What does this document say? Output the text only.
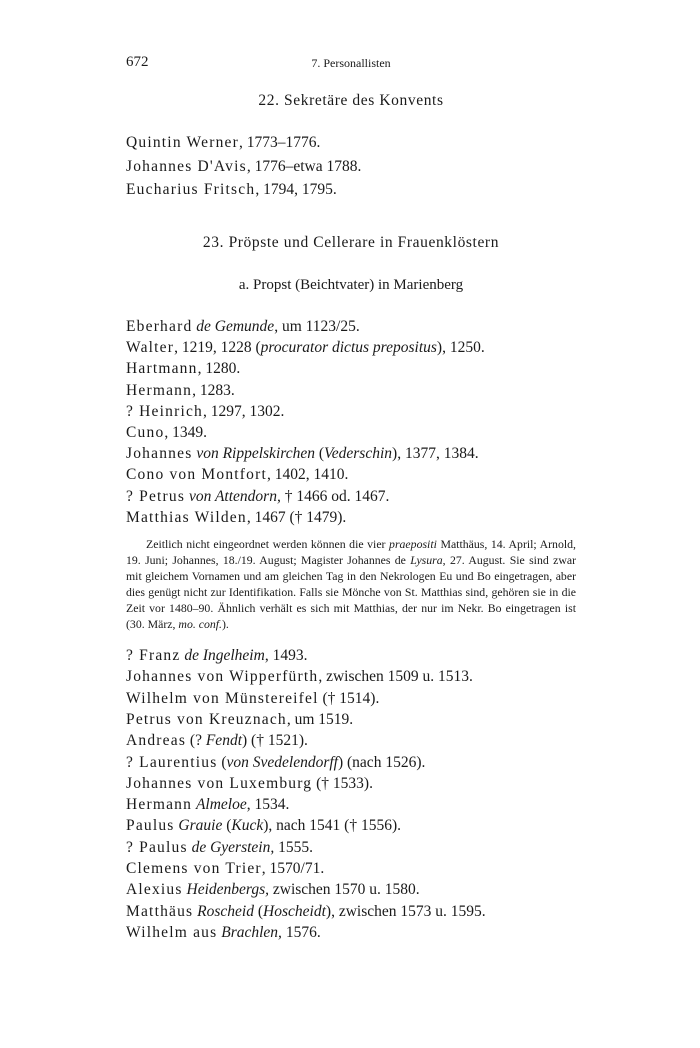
672	7. Personallisten
22. Sekretäre des Konvents
Quintin Werner, 1773–1776.
Johannes D'Avis, 1776–etwa 1788.
Eucharius Fritsch, 1794, 1795.
23. Pröpste und Cellerare in Frauenklöstern
a. Propst (Beichtvater) in Marienberg
Eberhard de Gemunde, um 1123/25.
Walter, 1219, 1228 (procurator dictus prepositus), 1250.
Hartmann, 1280.
Hermann, 1283.
? Heinrich, 1297, 1302.
Cuno, 1349.
Johannes von Rippelskirchen (Vederschin), 1377, 1384.
Cono von Montfort, 1402, 1410.
? Petrus von Attendorn, † 1466 od. 1467.
Matthias Wilden, 1467 († 1479).
Zeitlich nicht eingeordnet werden können die vier praepositi Matthäus, 14. April; Arnold, 19. Juni; Johannes, 18./19. August; Magister Johannes de Lysura, 27. August. Sie sind zwar mit gleichem Vornamen und am gleichen Tag in den Nekrologen Eu und Bo eingetragen, aber dies genügt nicht zur Identifikation. Falls sie Mönche von St. Matthias sind, gehören sie in die Zeit vor 1480–90. Ähnlich verhält es sich mit Matthias, der nur im Nekr. Bo eingetragen ist (30. März, mo. conf.).
? Franz de Ingelheim, 1493.
Johannes von Wipperfürth, zwischen 1509 u. 1513.
Wilhelm von Münstereifel († 1514).
Petrus von Kreuznach, um 1519.
Andreas (? Fendt) († 1521).
? Laurentius (von Svedelendorff) (nach 1526).
Johannes von Luxemburg († 1533).
Hermann Almeloe, 1534.
Paulus Grauie (Kuck), nach 1541 († 1556).
? Paulus de Gyerstein, 1555.
Clemens von Trier, 1570/71.
Alexius Heidenbergs, zwischen 1570 u. 1580.
Matthäus Roscheid (Hoscheidt), zwischen 1573 u. 1595.
Wilhelm aus Brachlen, 1576.
